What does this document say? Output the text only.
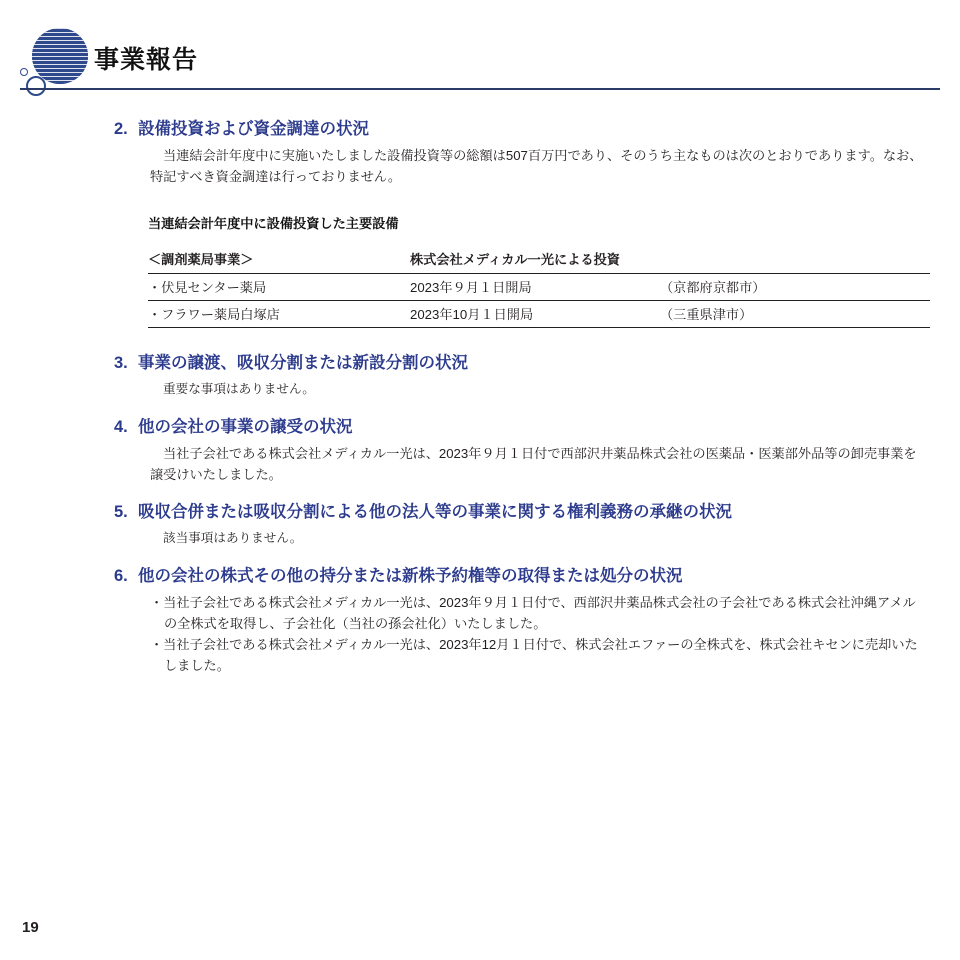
事業報告
2. 設備投資および資金調達の状況

当連結会計年度中に実施いたしました設備投資等の総額は507百万円であり、そのうち主なものは次のとおりであります。なお、特記すべき資金調達は行っておりません。

当連結会計年度中に設備投資した主要設備
＜調剤薬局事業＞	株式会社メディカル一光による投資	
・伏見センター薬局	2023年９月１日開局	（京都府京都市）
・フラワー薬局白塚店	2023年10月１日開局	（三重県津市）
3. 事業の譲渡、吸収分割または新設分割の状況

重要な事項はありません。

4. 他の会社の事業の譲受の状況

当社子会社である株式会社メディカル一光は、2023年９月１日付で西部沢井薬品株式会社の医薬品・医薬部外品等の卸売事業を譲受けいたしました。

5. 吸収合併または吸収分割による他の法人等の事業に関する権利義務の承継の状況

該当事項はありません。

6. 他の会社の株式その他の持分または新株予約権等の取得または処分の状況
・当社子会社である株式会社メディカル一光は、2023年９月１日付で、西部沢井薬品株式会社の子会社である株式会社沖縄アメルの全株式を取得し、子会社化（当社の孫会社化）いたしました。
・当社子会社である株式会社メディカル一光は、2023年12月１日付で、株式会社エファーの全株式を、株式会社キセンに売却いたしました。
19
